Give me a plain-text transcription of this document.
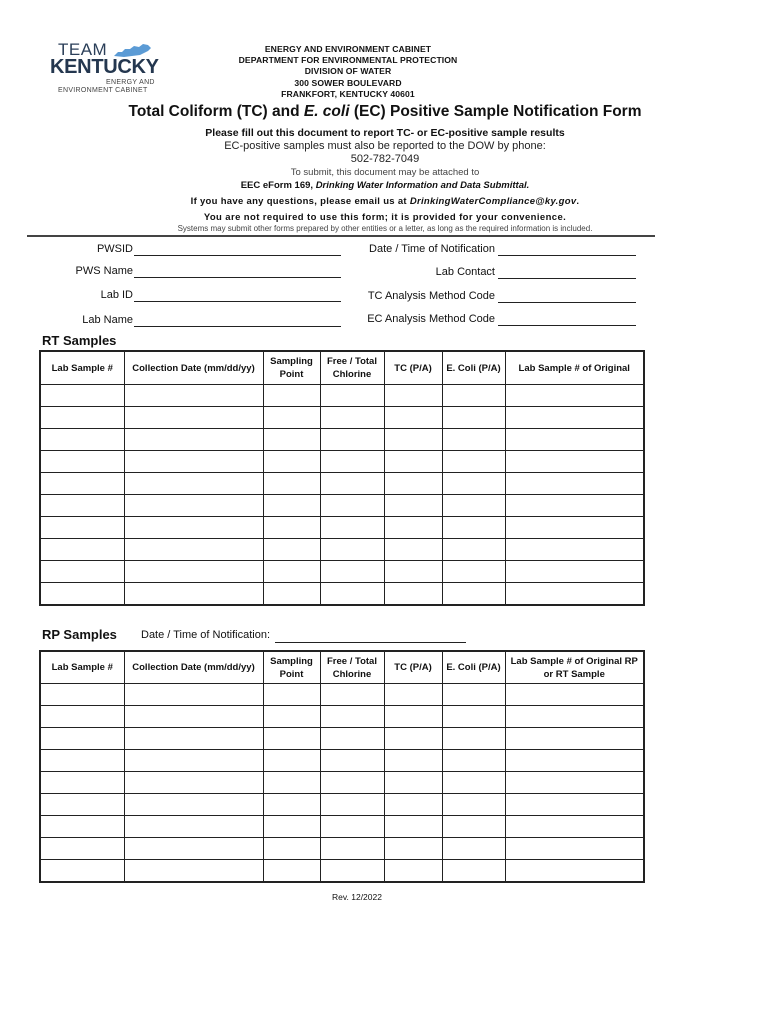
TEAM
KENTUCKY
ENERGY AND
ENVIRONMENT CABINET
ENERGY AND ENVIRONMENT CABINET
DEPARTMENT FOR ENVIRONMENTAL PROTECTION
DIVISION OF WATER
300 SOWER BOULEVARD
FRANKFORT, KENTUCKY 40601
Total Coliform (TC) and E. coli (EC) Positive Sample Notification Form
Please fill out this document to report TC- or EC-positive sample results
EC-positive samples must also be reported to the DOW by phone:
502-782-7049
To submit, this document may be attached to
EEC eForm 169, Drinking Water Information and Data Submittal.
If you have any questions, please email us at DrinkingWaterCompliance@ky.gov.
You are not required to use this form; it is provided for your convenience.
Systems may submit other forms prepared by other entities or a letter, as long as the required information is included.
PWSID
PWS Name
Lab ID
Lab Name
Date / Time of Notification
Lab Contact
TC Analysis Method Code
EC Analysis Method Code
RT Samples
Lab Sample #	Collection Date (mm/dd/yy)	Sampling Point	Free / Total Chlorine	TC (P/A)	E. Coli (P/A)	Lab Sample # of Original

RP Samples Date / Time of Notification:
Lab Sample #	Collection Date (mm/dd/yy)	Sampling Point	Free / Total Chlorine	TC (P/A)	E. Coli (P/A)	Lab Sample # of Original RP or RT Sample

Rev. 12/2022
